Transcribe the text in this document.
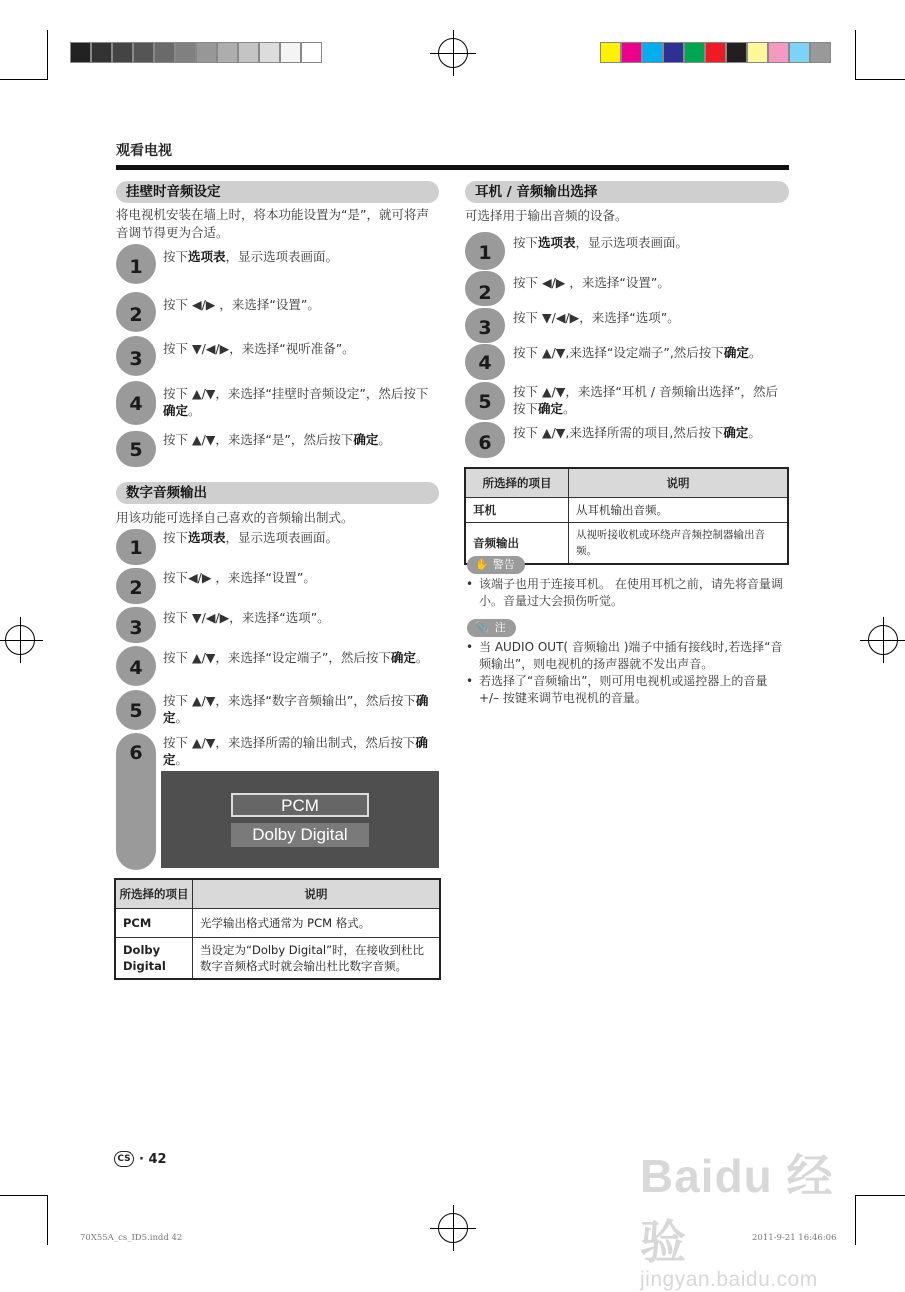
观看电视
挂壁时音频设定
将电视机安装在墙上时，将本功能设置为“是”，就可将声音调节得更为合适。
1	按下选项表，显示选项表画面。
2	按下 ◀/▶ ，来选择“设置”。
3	按下 ▼/◀/▶，来选择“视听准备”。
4	按下 ▲/▼，来选择“挂壁时音频设定”，然后按下确定。
5	按下 ▲/▼，来选择“是”，然后按下确定。
数字音频输出
用该功能可选择自己喜欢的音频输出制式。
1	按下选项表，显示选项表画面。
2	按下◀/▶ ，来选择“设置”。
3	按下 ▼/◀/▶，来选择“选项”。
4	按下 ▲/▼，来选择“设定端子”，然后按下确定。
5	按下 ▲/▼，来选择“数字音频输出”，然后按下确定。
6	按下 ▲/▼，来选择所需的输出制式，然后按下确定。
PCM
Dolby Digital
所选择的项目	说明
PCM	光学输出格式通常为 PCM 格式。
Dolby Digital	当设定为“Dolby Digital”时，在接收到杜比数字音频格式时就会输出杜比数字音频。
耳机 / 音频输出选择
可选择用于输出音频的设备。
1	按下选项表，显示选项表画面。
2	按下 ◀/▶ ，来选择“设置”。
3	按下 ▼/◀/▶，来选择“选项”。
4	按下 ▲/▼,来选择“设定端子”,然后按下确定。
5	按下 ▲/▼，来选择“耳机 / 音频输出选择”，然后按下确定。
6	按下 ▲/▼,来选择所需的项目,然后按下确定。
所选择的项目	说明
耳机	从耳机输出音频。
音频输出	从视听接收机或环绕声音频控制器输出音频。
✋ 警告
• 该端子也用于连接耳机。 在使用耳机之前，请先将音量调小。音量过大会损伤听觉。
📎 注
• 当 AUDIO OUT( 音频输出 )端子中插有接线时,若选择“音频输出”，则电视机的扬声器就不发出声音。
• 若选择了“音频输出”，则可用电视机或遥控器上的音量 +/– 按键来调节电视机的音量。
CS · 42
70X55A_cs_ID5.indd 42	2011-9-21 16:46:06
Baidu 经验
jingyan.baidu.com
